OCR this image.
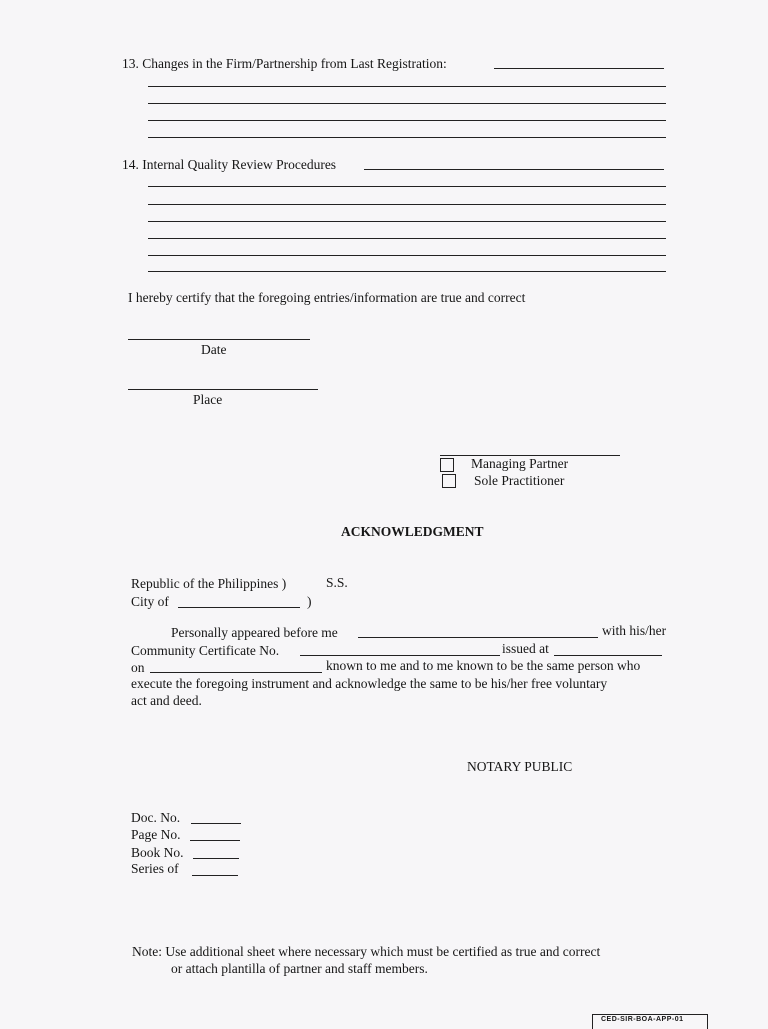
13. Changes in the Firm/Partnership from Last Registration:
14. Internal Quality Review Procedures
I hereby certify that the foregoing entries/information are true and correct
Date
Place
Managing Partner
Sole Practitioner
ACKNOWLEDGMENT
Republic of the Philippines )	S.S.
City of	)
Personally appeared before me	with his/her
Community Certificate No.	issued at
on	known to me and to me known to be the same person who
execute the foregoing instrument and acknowledge the same to be his/her free voluntary
act and deed.
NOTARY PUBLIC
Doc. No.
Page No.
Book No.
Series of
Note: Use additional sheet where necessary which must be certified as true and correct
or attach plantilla of partner and staff members.
CED-SIR-BOA-APP-01
